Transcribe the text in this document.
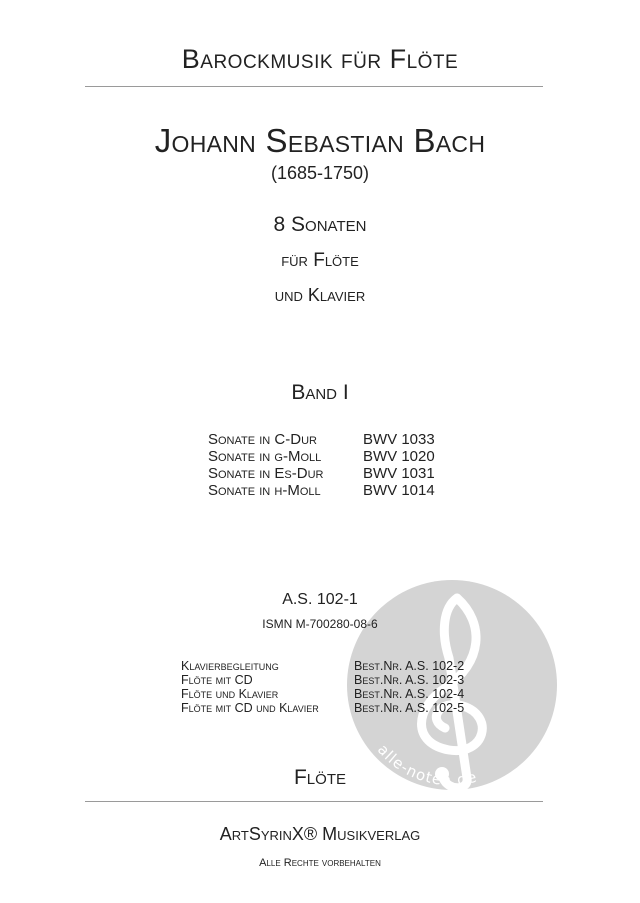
Barockmusik für Flöte
Johann Sebastian Bach
(1685-1750)
8 Sonaten
für Flöte
und Klavier
Band I
Sonate in C-Dur	BWV 1033
Sonate in g-Moll	BWV 1020
Sonate in Es-Dur	BWV 1031
Sonate in h-Moll	BWV 1014
alle-noten.de
A.S. 102-1
ISMN M-700280-08-6
Klavierbegleitung	Best.Nr. A.S. 102-2
Flöte mit CD	Best.Nr. A.S. 102-3
Flöte und Klavier	Best.Nr. A.S. 102-4
Flöte mit CD und Klavier	Best.Nr. A.S. 102-5
Flöte
ArtSyrinX® Musikverlag
Alle Rechte vorbehalten
